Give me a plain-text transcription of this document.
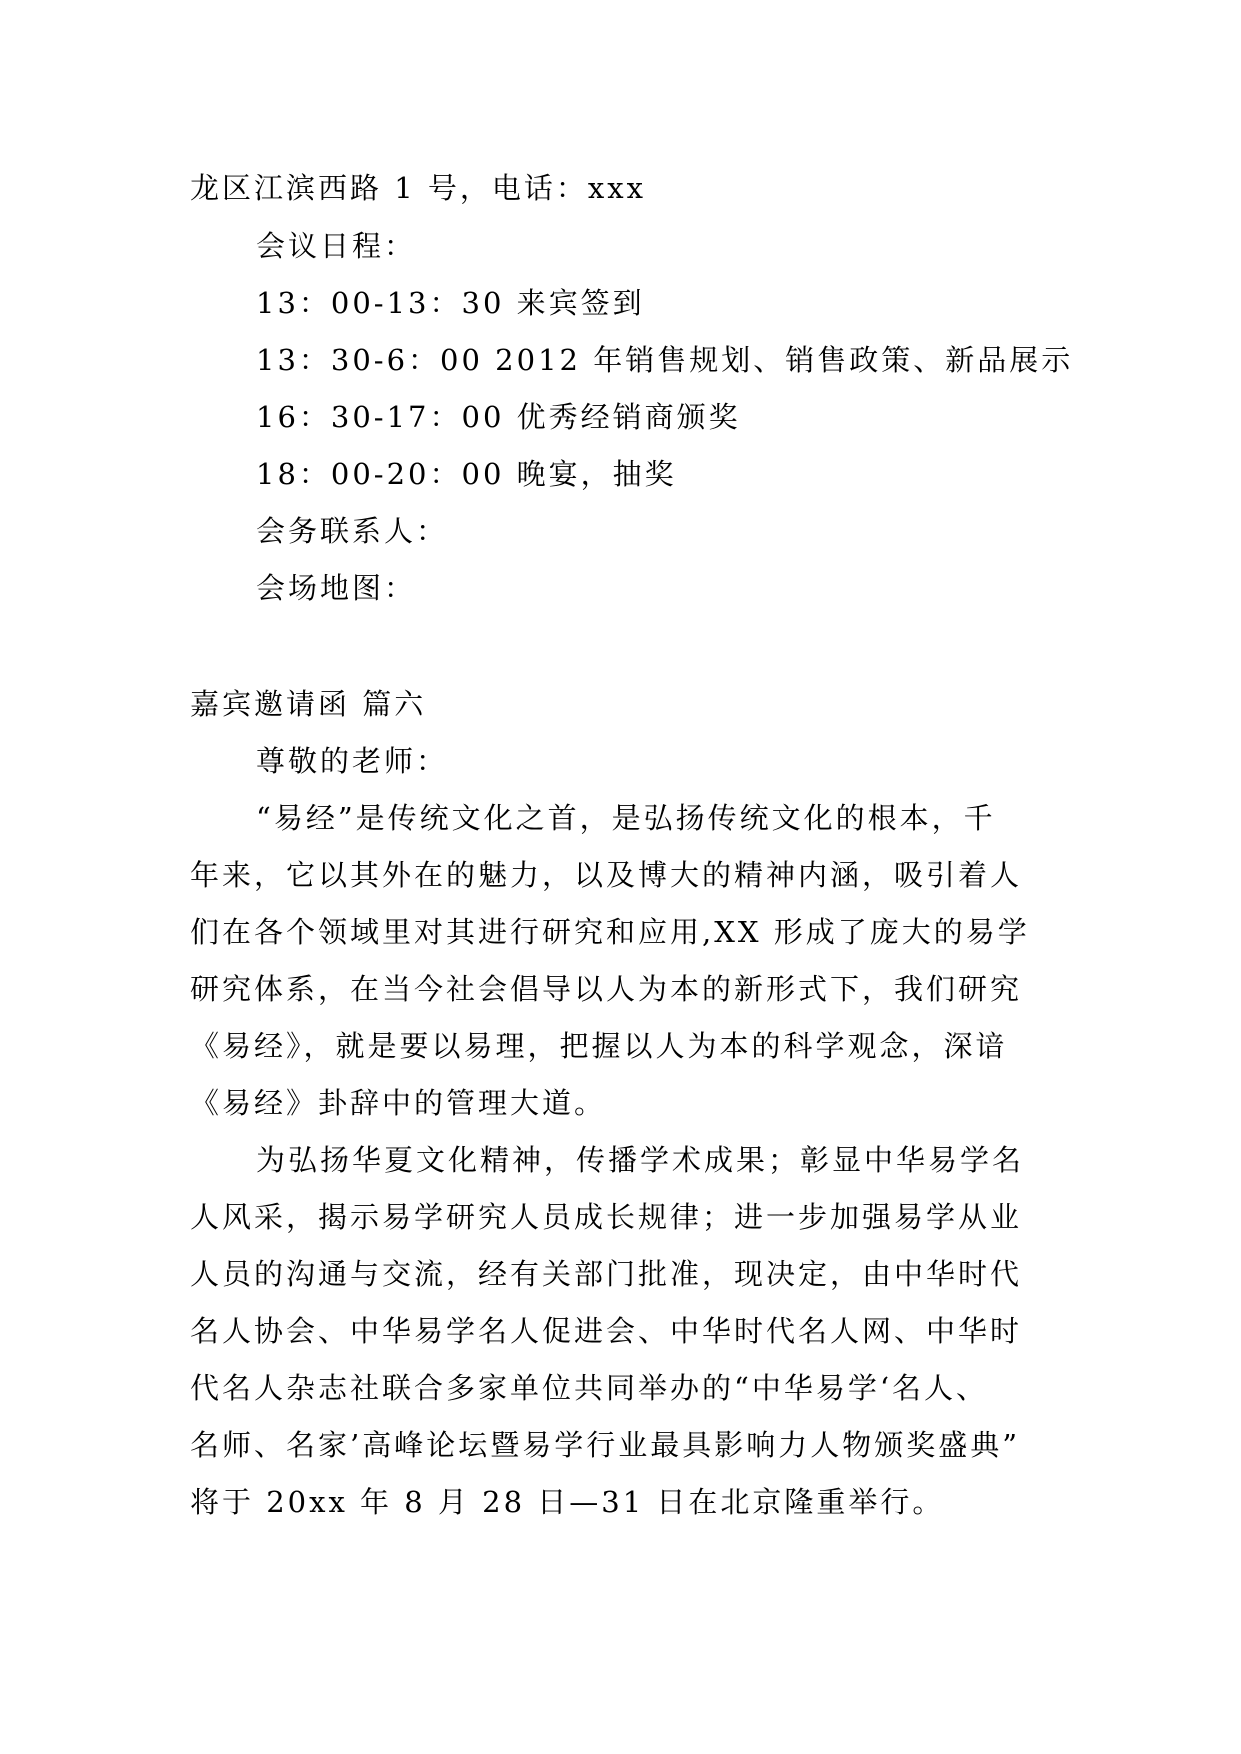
龙区江滨西路 1 号，电话：xxx
会议日程：
13：00-13：30 来宾签到
13：30-6：00 2012 年销售规划、销售政策、新品展示
16：30-17：00 优秀经销商颁奖
18：00-20：00 晚宴，抽奖
会务联系人：
会场地图：
嘉宾邀请函 篇六
尊敬的老师：
“易经”是传统文化之首，是弘扬传统文化的根本，千
年来，它以其外在的魅力，以及博大的精神内涵，吸引着人
们在各个领域里对其进行研究和应用,XX 形成了庞大的易学
研究体系，在当今社会倡导以人为本的新形式下，我们研究
《易经》，就是要以易理，把握以人为本的科学观念，深谙
《易经》卦辞中的管理大道。
为弘扬华夏文化精神，传播学术成果；彰显中华易学名
人风采，揭示易学研究人员成长规律；进一步加强易学从业
人员的沟通与交流，经有关部门批准，现决定，由中华时代
名人协会、中华易学名人促进会、中华时代名人网、中华时
代名人杂志社联合多家单位共同举办的“中华易学‘名人、
名师、名家’高峰论坛暨易学行业最具影响力人物颁奖盛典”
将于 20xx 年 8 月 28 日—31 日在北京隆重举行。
